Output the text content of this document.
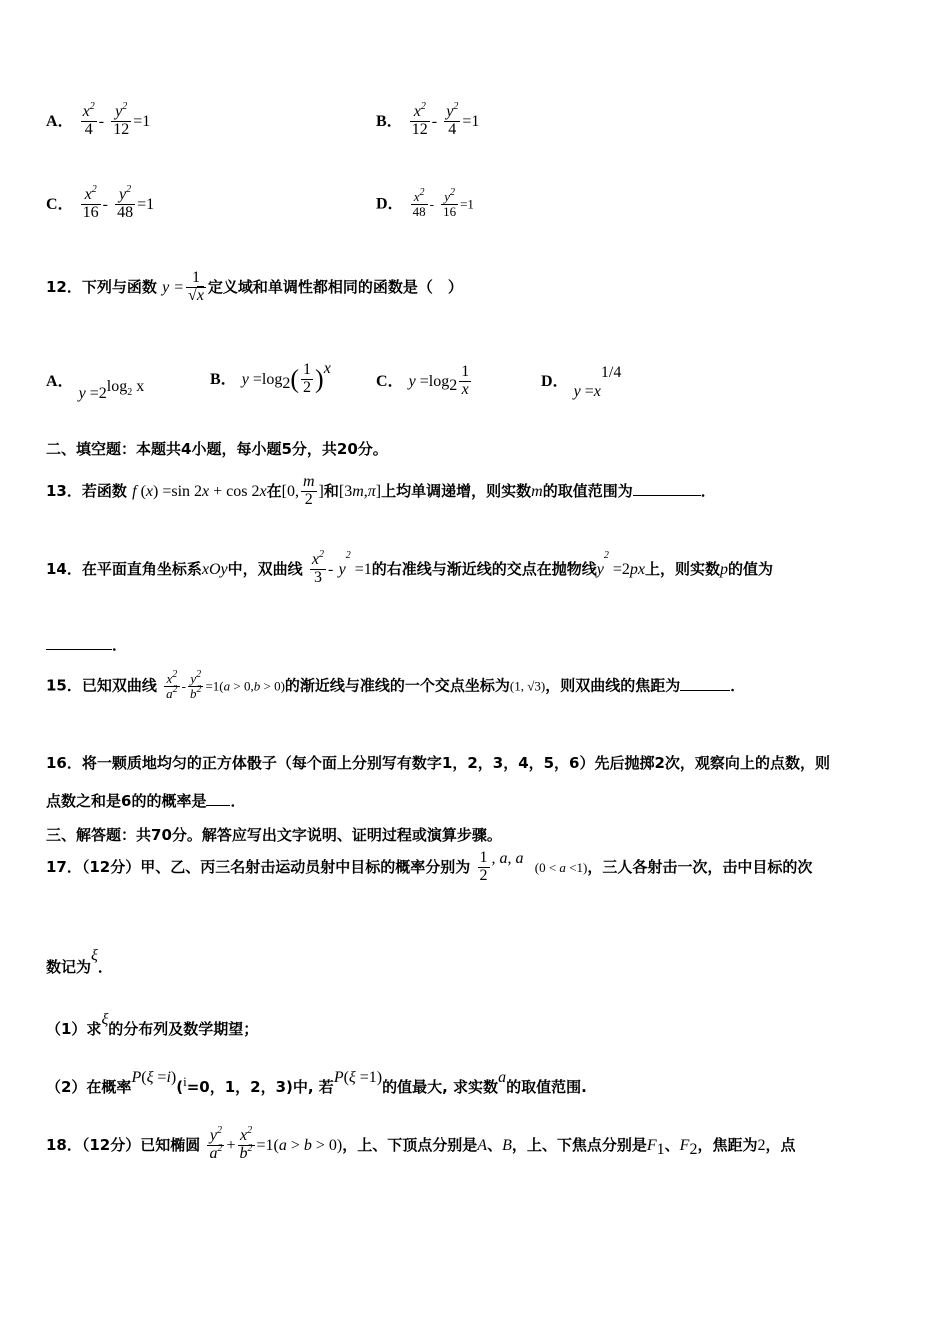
A． $\frac{x^2}{4} - \frac{y^2}{12} =1$	B． $\frac{x^2}{12} - \frac{y^2}{4} =1$
C． $\frac{x^2}{16} - \frac{y^2}{48} =1$	D． $\frac{x^2}{48} - \frac{y^2}{16} =1$
12．下列与函数 $y = \frac{1}{√x}$ 定义域和单调性都相同的函数是（　）
A． $y =2^{log_2 x}$	B． $y =\log_2( \frac{1}{2} )^x$
C． $y =\log_2 \frac{1}{x}$	D． $y =x^{1/4}$
二、填空题：本题共4小题，每小题5分，共20分。
13．若函数 f (x) =sin 2x + cos 2x在[0, $\frac{m}{2}$ ]和[3m,π]上均单调递增，则实数m的取值范围为	．
14．在平面直角坐标系xOy中，双曲线 $\frac{x^2}{3} - y^2 =1$的右准线与渐近线的交点在抛物线$y^2 =2px$上，则实数p的值为
．
15．已知双曲线 $\frac{x^2}{a^2} - \frac{y^2}{b^2} =1(a > 0,b > 0)$的渐近线与准线的一个交点坐标为(1, √3)，则双曲线的焦距为	．
16．将一颗质地均匀的正方体骰子（每个面上分别写有数字1，2，3，4，5，6）先后抛掷2次，观察向上的点数，则
点数之和是6的的概率是 ．
三、解答题：共70分。解答应写出文字说明、证明过程或演算步骤。
17．（12分）甲、乙、丙三名射击运动员射中目标的概率分别为 $\frac{1}{2}$ , a, a (0 < a <1)，三人各射击一次，击中目标的次
数记为ξ．
（1）求ξ的分布列及数学期望；
（2）在概率P(ξ =i)(i=0，1，2，3)中, 若P(ξ =1)的值最大, 求实数a的取值范围.
18．（12分）已知椭圆 $\frac{y^2}{a^2} + \frac{x^2}{b^2} =1(a > b > 0)$，上、下顶点分别是A、B，上、下焦点分别是$F_1$、$F_2$，焦距为2，点
